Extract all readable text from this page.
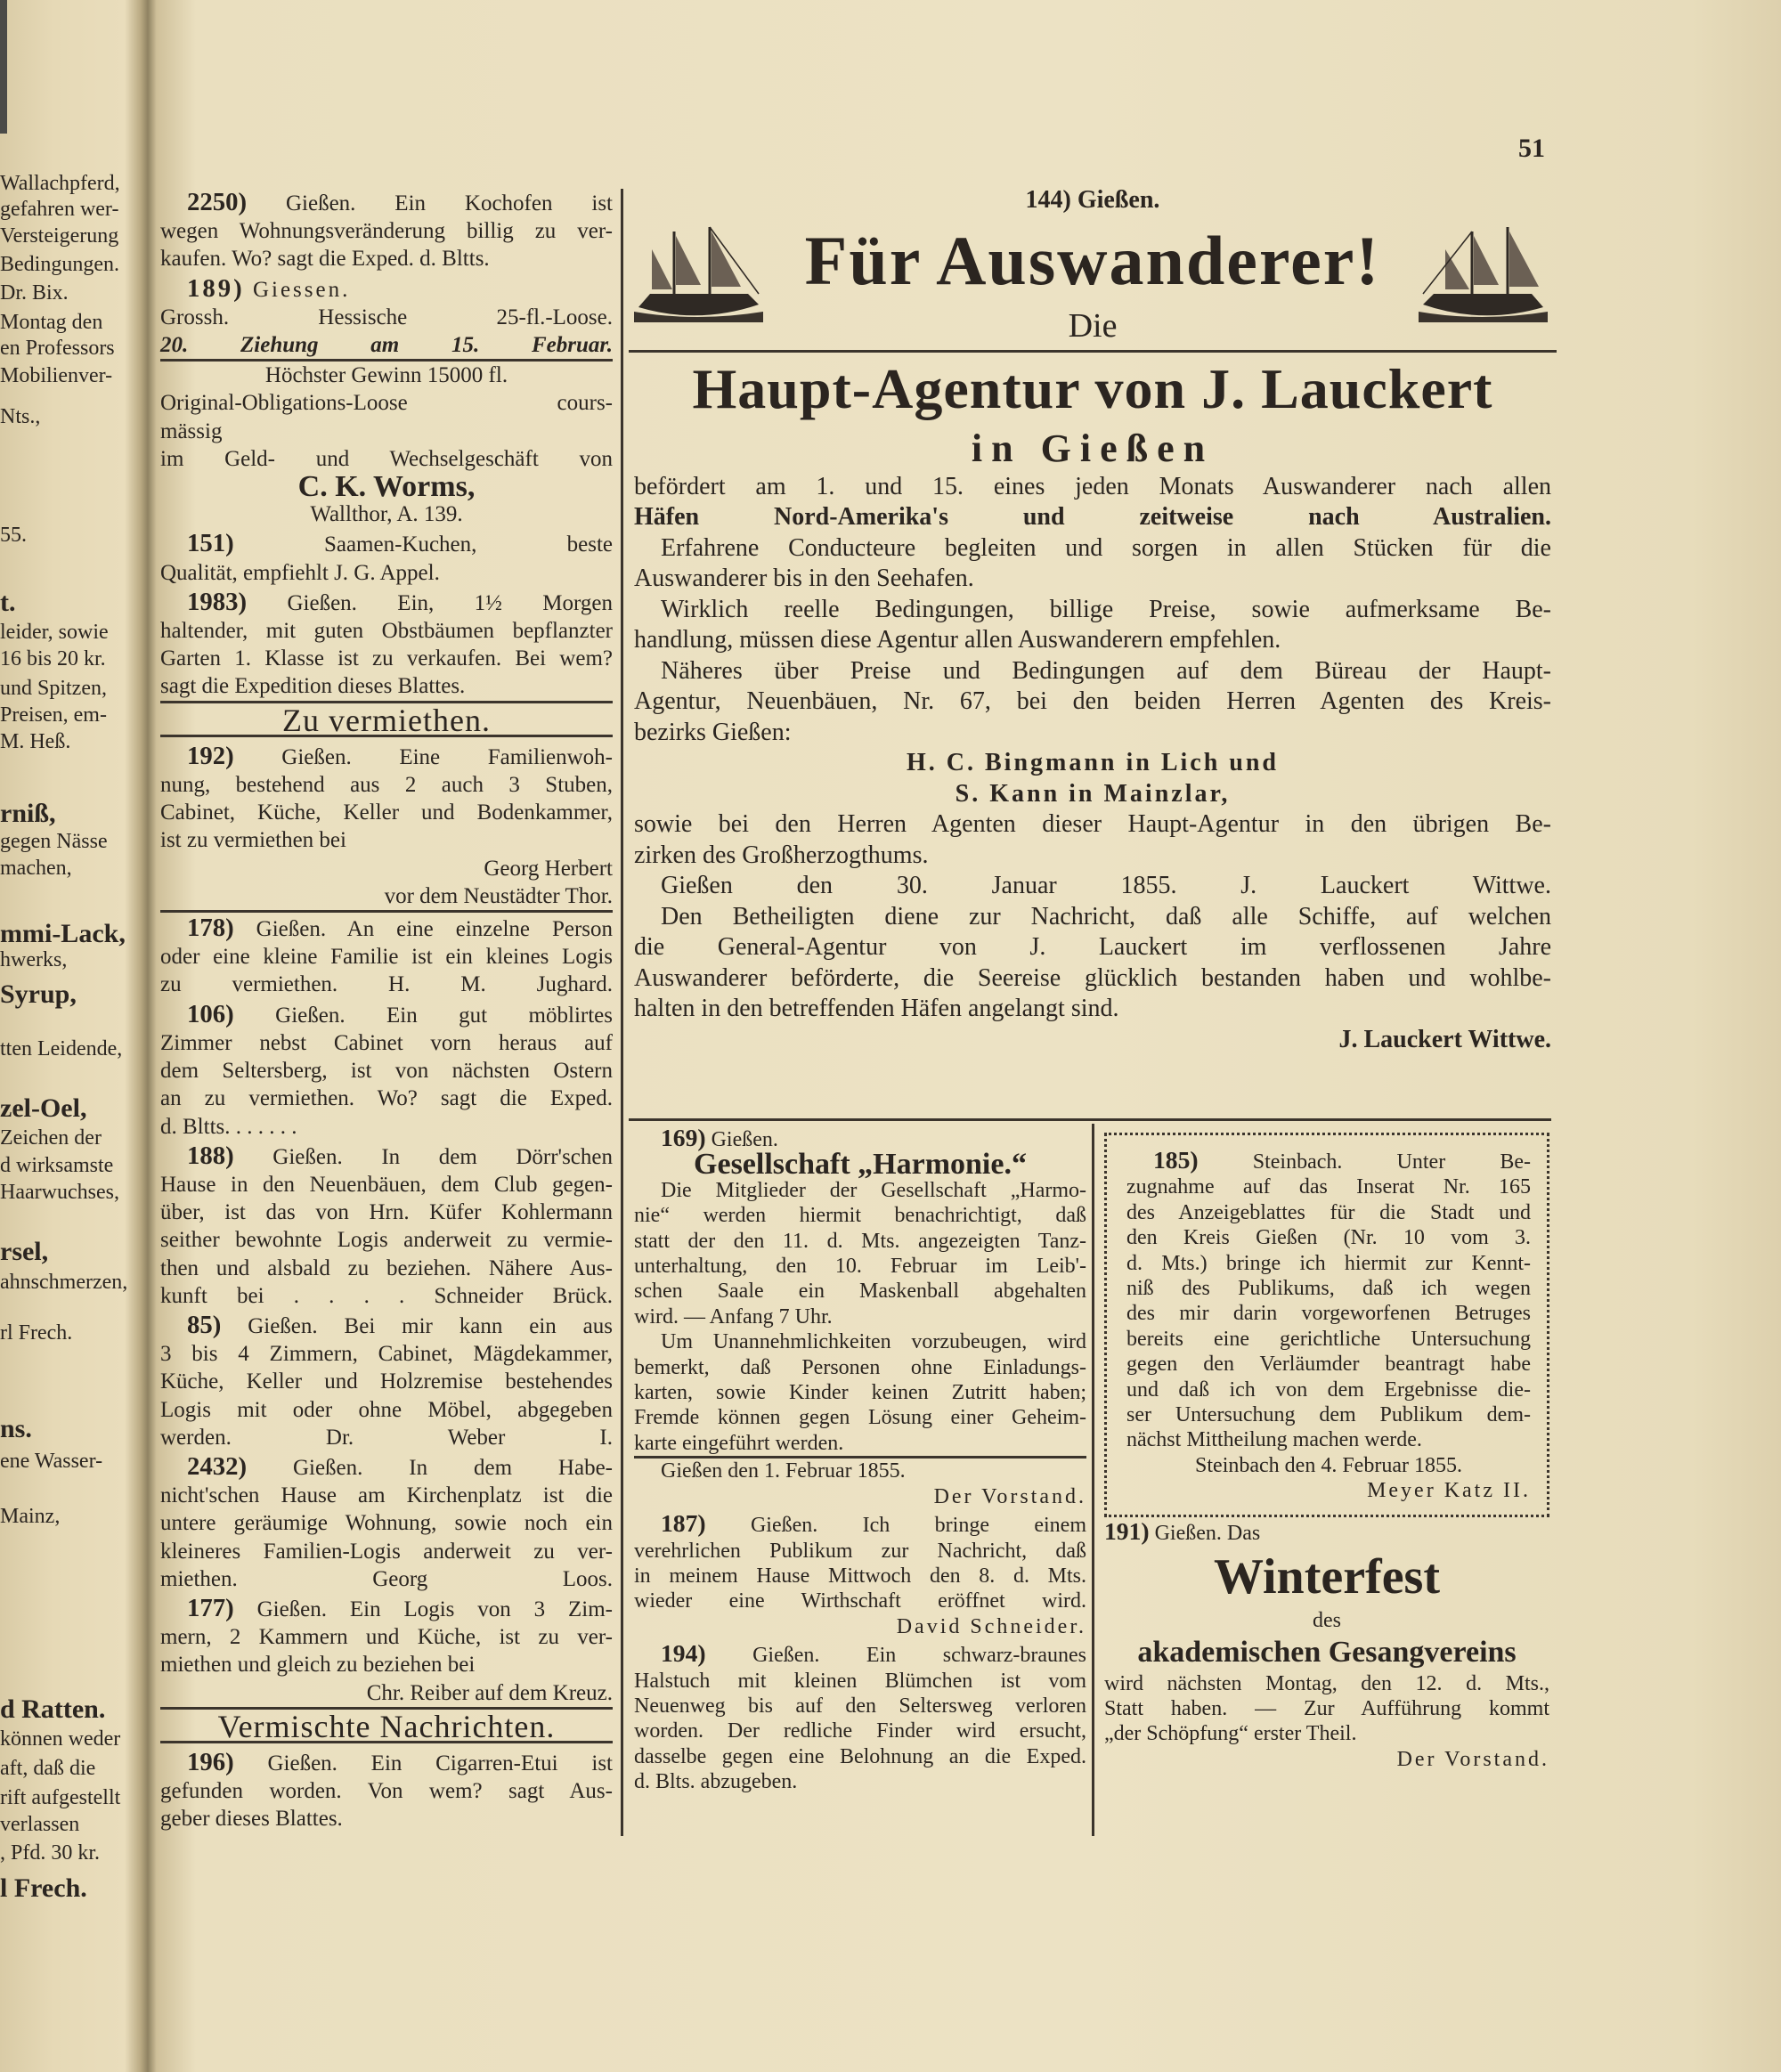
Wallachpferd,
gefahren wer-
Versteigerung
Bedingungen.
Dr. Bix.
Montag den
en Professors
Mobilienver-
Nts.,
55.
t.
leider, sowie
16 bis 20 kr.
und Spitzen,
Preisen, em-
M. Heß.
rniß,
gegen Nässe
machen,
mmi-Lack,
hwerks,
Syrup,
tten Leidende,
zel-Oel,
Zeichen der
d wirksamste
Haarwuchses,
rsel,
ahnschmerzen,
rl Frech.
ns.
ene Wasser-
Mainz,
d Ratten.
können weder
aft, daß die
rift aufgestellt
verlassen
, Pfd. 30 kr.
l Frech.
51
2250) Gießen. Ein Kochofen ist
wegen Wohnungsveränderung billig zu ver-
kaufen. Wo? sagt die Exped. d. Bltts.
189) Giessen.
Grossh. Hessische 25-fl.-Loose.
20. Ziehung am 15. Februar.
Höchster Gewinn 15000 fl.
Original-Obligations-Loose cours-
mässig
im Geld- und Wechselgeschäft von
C. K. Worms,
Wallthor, A. 139.
151) Saamen-Kuchen, beste
Qualität, empfiehlt J. G. Appel.
1983) Gießen. Ein, 1½ Morgen
haltender, mit guten Obstbäumen bepflanzter
Garten 1. Klasse ist zu verkaufen. Bei wem?
sagt die Expedition dieses Blattes.
Zu vermiethen.
192) Gießen. Eine Familienwoh-
nung, bestehend aus 2 auch 3 Stuben,
Cabinet, Küche, Keller und Bodenkammer,
ist zu vermiethen bei
Georg Herbert
vor dem Neustädter Thor.
178) Gießen. An eine einzelne Person
oder eine kleine Familie ist ein kleines Logis
zu vermiethen. H. M. Jughard.
106) Gießen. Ein gut möblirtes
Zimmer nebst Cabinet vorn heraus auf
dem Seltersberg, ist von nächsten Ostern
an zu vermiethen. Wo? sagt die Exped.
d. Bltts. . . . . . .
188) Gießen. In dem Dörr'schen
Hause in den Neuenbäuen, dem Club gegen-
über, ist das von Hrn. Küfer Kohlermann
seither bewohnte Logis anderweit zu vermie-
then und alsbald zu beziehen. Nähere Aus-
kunft bei . . . . Schneider Brück.
85) Gießen. Bei mir kann ein aus
3 bis 4 Zimmern, Cabinet, Mägdekammer,
Küche, Keller und Holzremise bestehendes
Logis mit oder ohne Möbel, abgegeben
werden. Dr. Weber I.
2432) Gießen. In dem Habe-
nicht'schen Hause am Kirchenplatz ist die
untere geräumige Wohnung, sowie noch ein
kleineres Familien-Logis anderweit zu ver-
miethen. Georg Loos.
177) Gießen. Ein Logis von 3 Zim-
mern, 2 Kammern und Küche, ist zu ver-
miethen und gleich zu beziehen bei
Chr. Reiber auf dem Kreuz.
Vermischte Nachrichten.
196) Gießen. Ein Cigarren-Etui ist
gefunden worden. Von wem? sagt Aus-
geber dieses Blattes.
144) Gießen.
Für Auswanderer!
Die
Haupt-Agentur von J. Lauckert
in Gießen
befördert am 1. und 15. eines jeden Monats Auswanderer nach allen
Häfen Nord-Amerika's und zeitweise nach Australien.
Erfahrene Conducteure begleiten und sorgen in allen Stücken für die
Auswanderer bis in den Seehafen.
Wirklich reelle Bedingungen, billige Preise, sowie aufmerksame Be-
handlung, müssen diese Agentur allen Auswanderern empfehlen.
Näheres über Preise und Bedingungen auf dem Büreau der Haupt-
Agentur, Neuenbäuen, Nr. 67, bei den beiden Herren Agenten des Kreis-
bezirks Gießen:
H. C. Bingmann in Lich und
S. Kann in Mainzlar,
sowie bei den Herren Agenten dieser Haupt-Agentur in den übrigen Be-
zirken des Großherzogthums.
Gießen den 30. Januar 1855. J. Lauckert Wittwe.
Den Betheiligten diene zur Nachricht, daß alle Schiffe, auf welchen
die General-Agentur von J. Lauckert im verflossenen Jahre
Auswanderer beförderte, die Seereise glücklich bestanden haben und wohlbe-
halten in den betreffenden Häfen angelangt sind.
J. Lauckert Wittwe.
169) Gießen.
Gesellschaft „Harmonie.“
Die Mitglieder der Gesellschaft „Harmo-
nie“ werden hiermit benachrichtigt, daß
statt der den 11. d. Mts. angezeigten Tanz-
unterhaltung, den 10. Februar im Leib'-
schen Saale ein Maskenball abgehalten
wird. — Anfang 7 Uhr.
Um Unannehmlichkeiten vorzubeugen, wird
bemerkt, daß Personen ohne Einladungs-
karten, sowie Kinder keinen Zutritt haben;
Fremde können gegen Lösung einer Geheim-
karte eingeführt werden.
Gießen den 1. Februar 1855.
Der Vorstand.
187) Gießen. Ich bringe einem
verehrlichen Publikum zur Nachricht, daß
in meinem Hause Mittwoch den 8. d. Mts.
wieder eine Wirthschaft eröffnet wird.
David Schneider.
194) Gießen. Ein schwarz-braunes
Halstuch mit kleinen Blümchen ist vom
Neuenweg bis auf den Seltersweg verloren
worden. Der redliche Finder wird ersucht,
dasselbe gegen eine Belohnung an die Exped.
d. Blts. abzugeben.
185) Steinbach. Unter Be-
zugnahme auf das Inserat Nr. 165
des Anzeigeblattes für die Stadt und
den Kreis Gießen (Nr. 10 vom 3.
d. Mts.) bringe ich hiermit zur Kennt-
niß des Publikums, daß ich wegen
des mir darin vorgeworfenen Betruges
bereits eine gerichtliche Untersuchung
gegen den Verläumder beantragt habe
und daß ich von dem Ergebnisse die-
ser Untersuchung dem Publikum dem-
nächst Mittheilung machen werde.
Steinbach den 4. Februar 1855.
Meyer Katz II.
191) Gießen. Das
Winterfest
des
akademischen Gesangvereins
wird nächsten Montag, den 12. d. Mts.,
Statt haben. — Zur Aufführung kommt
„der Schöpfung“ erster Theil.
Der Vorstand.
